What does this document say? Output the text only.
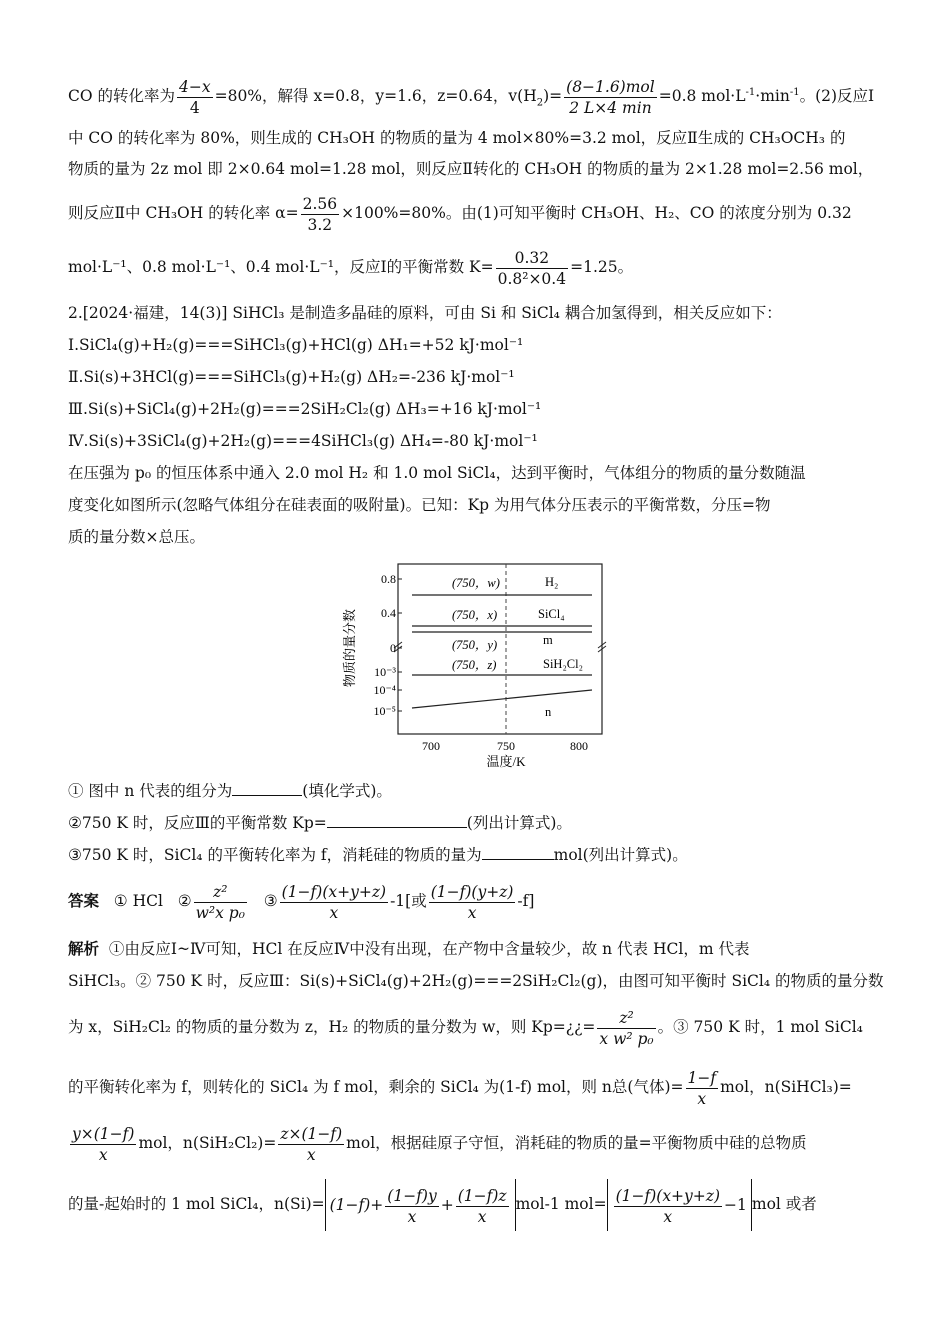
CO 的转化率为 $\frac{4-x}{4} =80\%$，解得 x=0.8，y=1.6，z=0.64，$v(H_2)= \frac{\text{(8−1.6)mol}}{2 L\times 4 \min} =0.8$ $mol\cdot L^{-1}\cdot\min^{-1}$。(2)反应Ⅰ
中 CO 的转化率为 80%，则生成的 CH₃OH 的物质的量为 4 mol×80%=3.2 mol，反应Ⅱ生成的 CH₃OCH₃ 的
物质的量为 2z mol 即 2×0.64 mol=1.28 mol，则反应Ⅱ转化的 CH₃OH 的物质的量为 2×1.28 mol=2.56 mol，
则反应Ⅱ中 CH₃OH 的转化率 $\alpha= \frac{2.56}{3.2} \times 100\%=80\%$。由(1)可知平衡时 CH₃OH、H₂、CO 的浓度分别为 0.32
mol·L⁻¹、0.8 mol·L⁻¹、0.4 mol·L⁻¹，反应Ⅰ的平衡常数 $K= \frac{0.32}{\text{0.8²×0.4}} =1.25$。
2.[2024·福建，14(3)] SiHCl₃ 是制造多晶硅的原料，可由 Si 和 SiCl₄ 耦合加氢得到，相关反应如下：
Ⅰ.SiCl₄(g)+H₂(g)===SiHCl₃(g)+HCl(g) ΔH₁=+52 kJ·mol⁻¹
Ⅱ.Si(s)+3HCl(g)===SiHCl₃(g)+H₂(g) ΔH₂=-236 kJ·mol⁻¹
Ⅲ.Si(s)+SiCl₄(g)+2H₂(g)===2SiH₂Cl₂(g) ΔH₃=+16 kJ·mol⁻¹
Ⅳ.Si(s)+3SiCl₄(g)+2H₂(g)===4SiHCl₃(g) ΔH₄=-80 kJ·mol⁻¹
在压强为 p₀ 的恒压体系中通入 2.0 mol H₂ 和 1.0 mol SiCl₄，达到平衡时，气体组分的物质的量分数随温
度变化如图所示(忽略气体组分在硅表面的吸附量)。已知：Kp 为用气体分压表示的平衡常数，分压=物
质的量分数×总压。
0.8
0.4
0
10⁻³
10⁻⁴
10⁻⁵
700	750	800
(750，w)
(750，x)
(750，y)
(750，z)
H₂
SiCl₄
m
SiH₂Cl₂
n
物质的量分数
温度/K
① 图中 n 代表的组分为	(填化学式)。
②750 K 时，反应Ⅲ的平衡常数 Kp=	(列出计算式)。
③750 K 时，SiCl₄ 的平衡转化率为 f，消耗硅的物质的量为	mol(列出计算式)。
答案 ① HCl ② $\frac{\text{z²}}{\text{w²x p₀}}$ ③ $\frac{(1-f)(x+y+z)}{x} -1$[或 $\frac{(1-f)(y+z)}{x} -f$]
解析 ①由反应Ⅰ~Ⅳ可知，HCl 在反应Ⅳ中没有出现，在产物中含量较少，故 n 代表 HCl，m 代表
SiHCl₃。② 750 K 时，反应Ⅲ：Si(s)+SiCl₄(g)+2H₂(g)===2SiH₂Cl₂(g)，由图可知平衡时 SiCl₄ 的物质的量分数
为 x，SiH₂Cl₂ 的物质的量分数为 z，H₂ 的物质的量分数为 w，则 Kp=¿¿= $\frac{\text{z²}}{\text{x w² p₀}}$ 。③ 750 K 时，1 mol SiCl₄
的平衡转化率为 f，则转化的 SiCl₄ 为 f mol，剩余的 SiCl₄ 为(1-f) mol，则 n总(气体)= $\frac{1-f}{x}$ mol，n(SiHCl₃)=
$\frac{y\times(1-f)}{x}$ mol，$n(SiH_2Cl_2)= \frac{z\times(1-f)}{x}$ mol，根据硅原子守恒，消耗硅的物质的量=平衡物质中硅的总物质
的量-起始时的 1 mol SiCl₄，$n(Si)= (1-f)+ \frac{(1-f)y}{x} + \frac{(1-f)z}{x} mol-1$ $mol= \frac{(1-f)(x+y+z)}{x} -1$ mol 或者
